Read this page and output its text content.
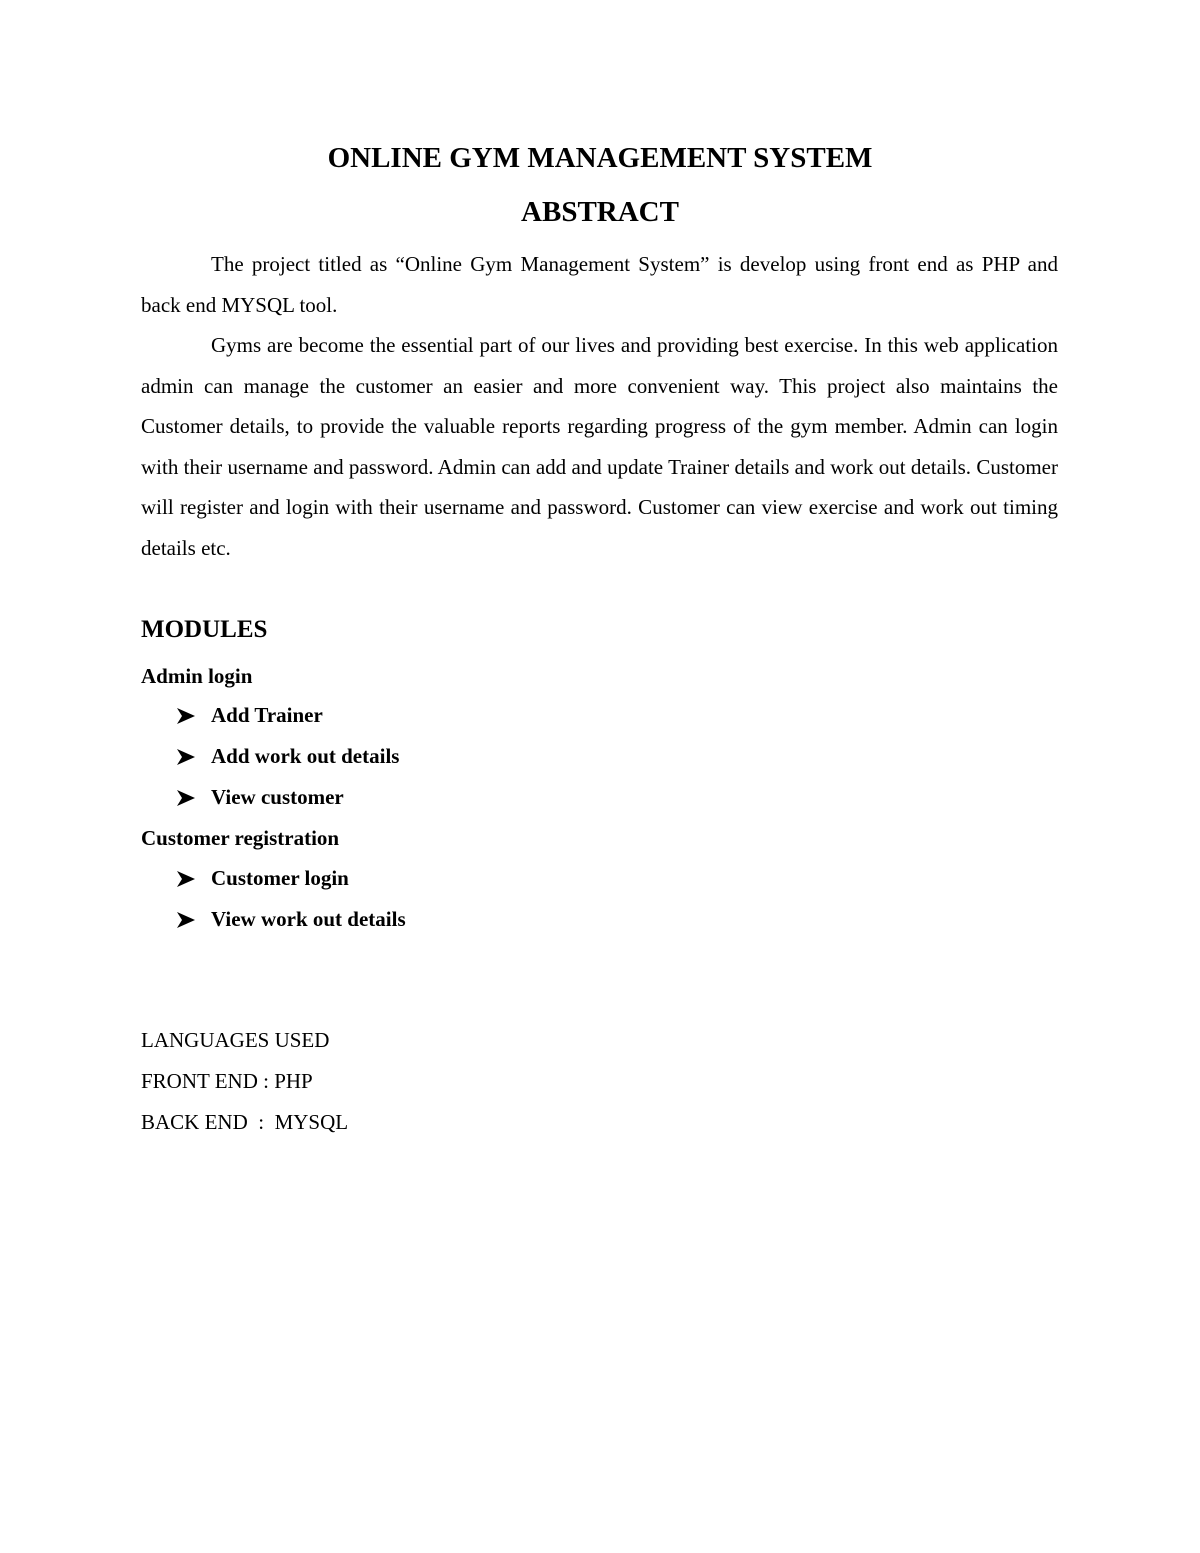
ONLINE GYM MANAGEMENT SYSTEM
ABSTRACT

The project titled as “Online Gym Management System” is develop using front end as PHP and back end MYSQL tool.

Gyms are become the essential part of our lives and providing best exercise. In this web application admin can manage the customer an easier and more convenient way. This project also maintains the Customer details, to provide the valuable reports regarding progress of the gym member. Admin can login with their username and password. Admin can add and update Trainer details and work out details. Customer will register and login with their username and password. Customer can view exercise and work out timing details etc.

MODULES
Admin login
Add Trainer
Add work out details
View customer
Customer registration
Customer login
View work out details
LANGUAGES USED
FRONT END : PHP
BACK END  :  MYSQL
